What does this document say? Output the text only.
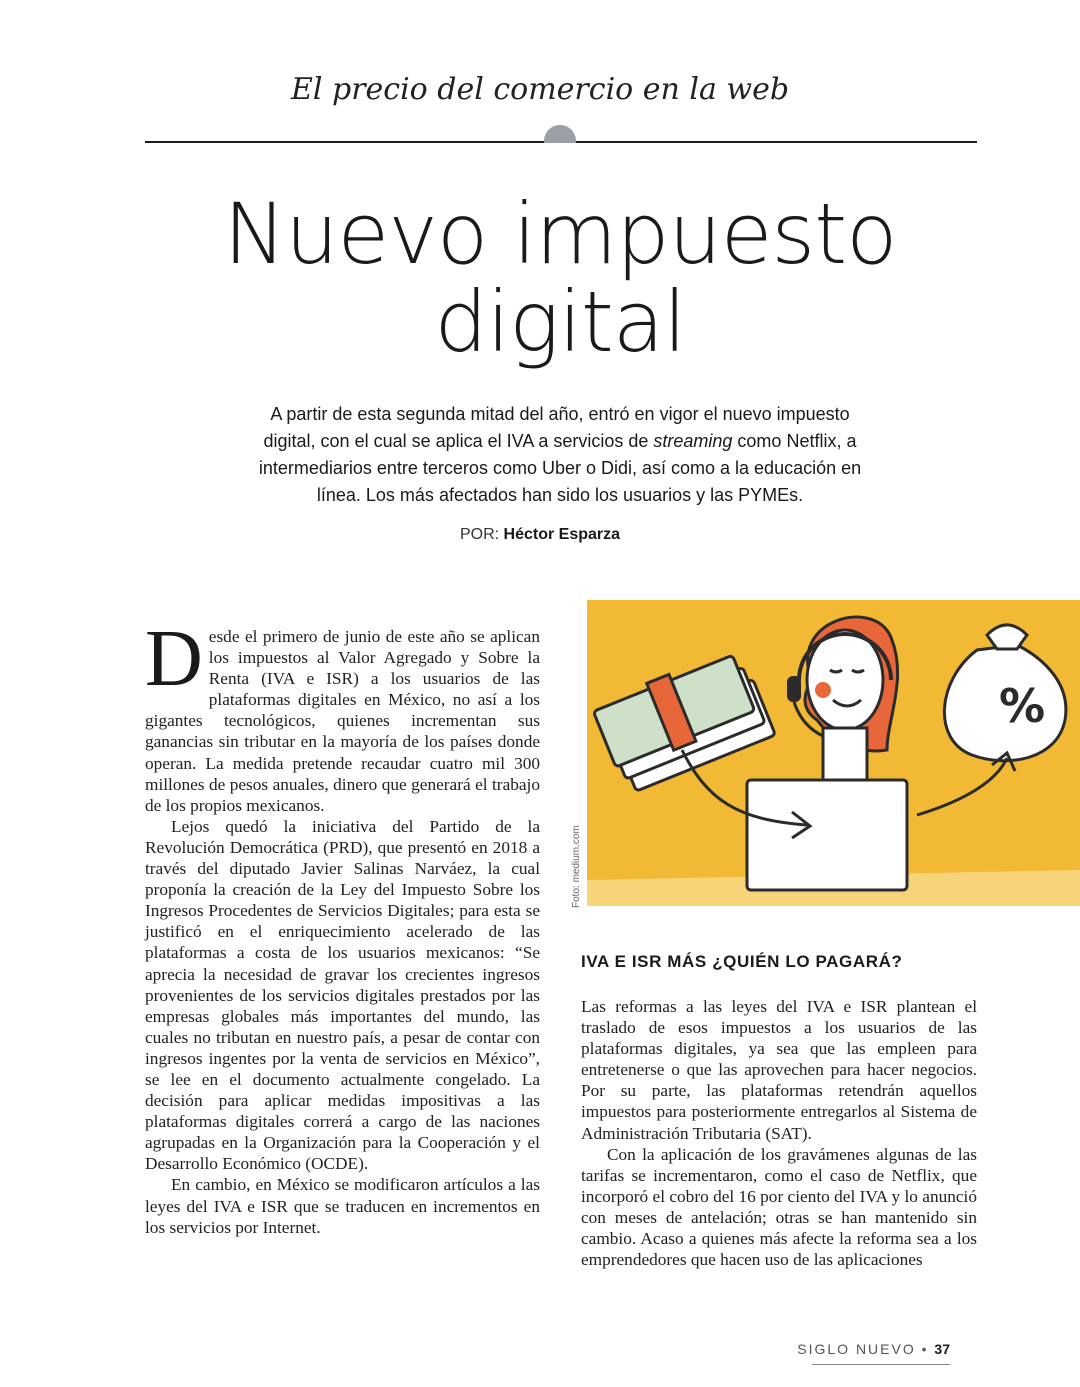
El precio del comercio en la web
Nuevo impuesto digital
A partir de esta segunda mitad del año, entró en vigor el nuevo impuesto digital, con el cual se aplica el IVA a servicios de streaming como Netflix, a intermediarios entre terceros como Uber o Didi, así como a la educación en línea. Los más afectados han sido los usuarios y las PYMEs.
POR: Héctor Esparza

Desde el primero de junio de este año se aplican los impuestos al Valor Agregado y Sobre la Renta (IVA e ISR) a los usuarios de las plataformas digitales en México, no así a los gigantes tecnológicos, quienes incrementan sus ganancias sin tributar en la mayoría de los países donde operan. La medida pretende recaudar cuatro mil 300 millones de pesos anuales, dinero que generará el trabajo de los propios mexicanos.

Lejos quedó la iniciativa del Partido de la Revolución Democrática (PRD), que presentó en 2018 a través del diputado Javier Salinas Narváez, la cual proponía la creación de la Ley del Impuesto Sobre los Ingresos Procedentes de Servicios Digitales; para esta se justificó en el enriquecimiento acelerado de las plataformas a costa de los usuarios mexicanos: “Se aprecia la necesidad de gravar los crecientes ingresos provenientes de los servicios digitales prestados por las empresas globales más importantes del mundo, las cuales no tributan en nuestro país, a pesar de contar con ingresos ingentes por la venta de servicios en México”, se lee en el documento actualmente congelado. La decisión para aplicar medidas impositivas a las plataformas digitales correrá a cargo de las naciones agrupadas en la Organización para la Cooperación y el Desarrollo Económico (OCDE).

En cambio, en México se modificaron artículos a las leyes del IVA e ISR que se traducen en incrementos en los servicios por Internet.

%
Foto: medium.com
IVA E ISR MÁS ¿QUIÉN LO PAGARÁ?

Las reformas a las leyes del IVA e ISR plantean el traslado de esos impuestos a los usuarios de las plataformas digitales, ya sea que las empleen para entretenerse o que las aprovechen para hacer negocios. Por su parte, las plataformas retendrán aquellos impuestos para posteriormente entregarlos al Sistema de Administración Tributaria (SAT).

Con la aplicación de los gravámenes algunas de las tarifas se incrementaron, como el caso de Netflix, que incorporó el cobro del 16 por ciento del IVA y lo anunció con meses de antelación; otras se han mantenido sin cambio. Acaso a quienes más afecte la reforma sea a los emprendedores que hacen uso de las aplicaciones

SIGLO NUEVO • 37
